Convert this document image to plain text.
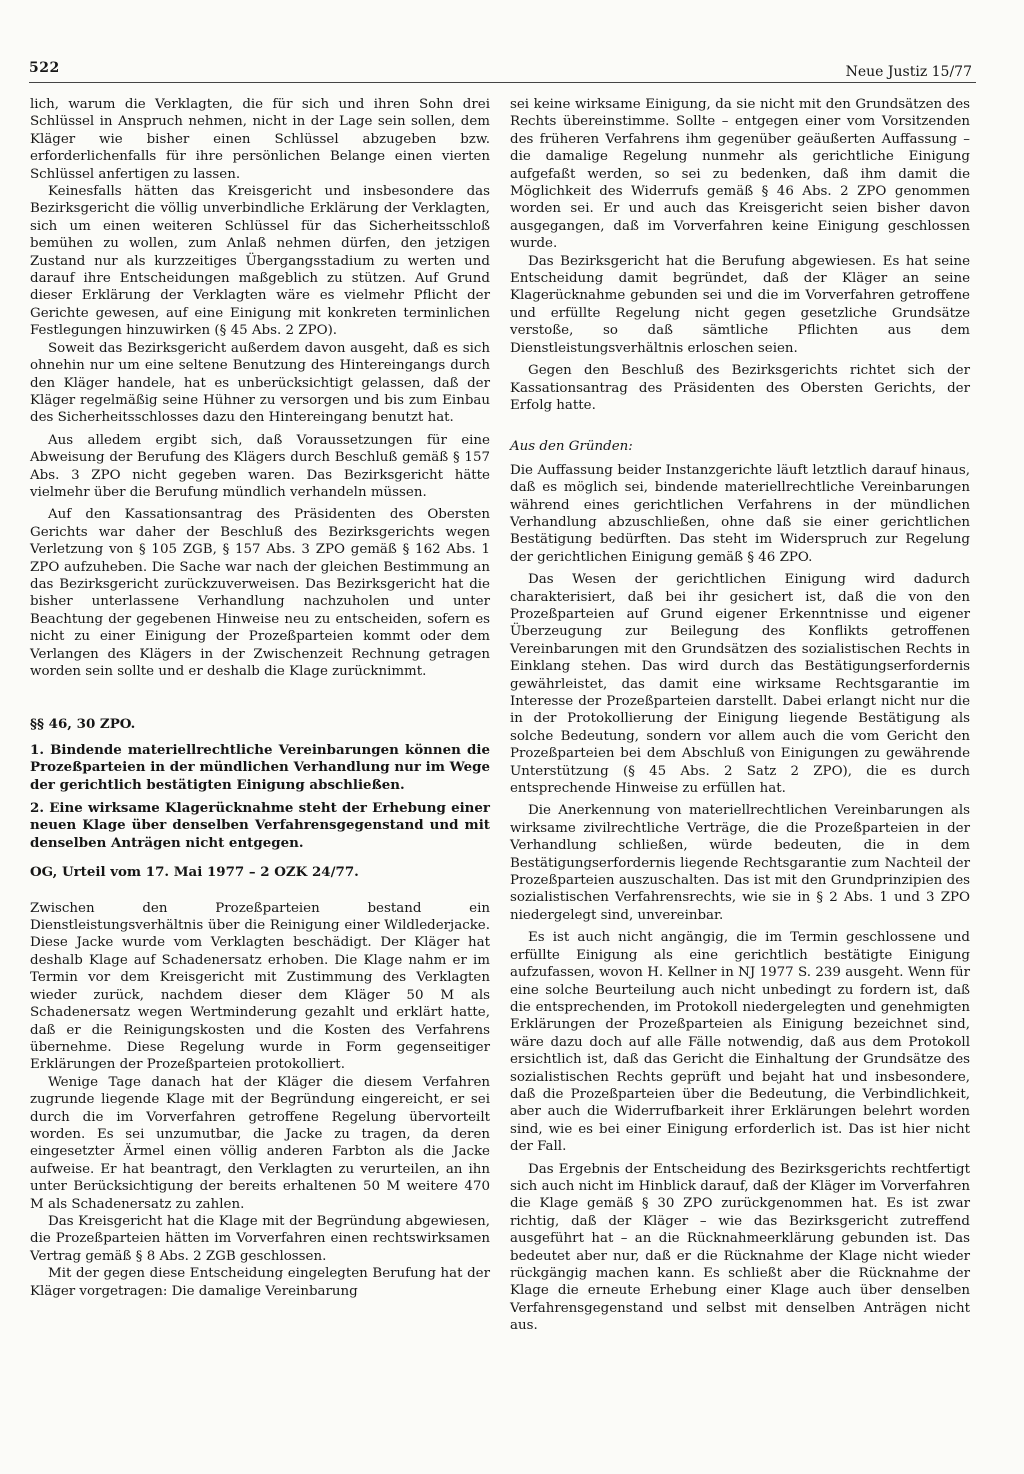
522	Neue Justiz 15/77

lich, warum die Verklagten, die für sich und ihren Sohn drei Schlüssel in Anspruch nehmen, nicht in der Lage sein sollen, dem Kläger wie bisher einen Schlüssel abzugeben bzw. erforderlichenfalls für ihre persönlichen Belange einen vierten Schlüssel anfertigen zu lassen.

Keinesfalls hätten das Kreisgericht und insbesondere das Bezirksgericht die völlig unverbindliche Erklärung der Verklagten, sich um einen weiteren Schlüssel für das Sicherheitsschloß bemühen zu wollen, zum Anlaß nehmen dürfen, den jetzigen Zustand nur als kurzzeitiges Übergangsstadium zu werten und darauf ihre Entscheidungen maßgeblich zu stützen. Auf Grund dieser Erklärung der Verklagten wäre es vielmehr Pflicht der Gerichte gewesen, auf eine Einigung mit konkreten terminlichen Festlegungen hinzuwirken (§ 45 Abs. 2 ZPO).

Soweit das Bezirksgericht außerdem davon ausgeht, daß es sich ohnehin nur um eine seltene Benutzung des Hintereingangs durch den Kläger handele, hat es unberücksichtigt gelassen, daß der Kläger regelmäßig seine Hühner zu versorgen und bis zum Einbau des Sicherheitsschlosses dazu den Hintereingang benutzt hat.

Aus alledem ergibt sich, daß Voraussetzungen für eine Abweisung der Berufung des Klägers durch Beschluß gemäß § 157 Abs. 3 ZPO nicht gegeben waren. Das Bezirksgericht hätte vielmehr über die Berufung mündlich verhandeln müssen.

Auf den Kassationsantrag des Präsidenten des Obersten Gerichts war daher der Beschluß des Bezirksgerichts wegen Verletzung von § 105 ZGB, § 157 Abs. 3 ZPO gemäß § 162 Abs. 1 ZPO aufzuheben. Die Sache war nach der gleichen Bestimmung an das Bezirksgericht zurückzuverweisen. Das Bezirksgericht hat die bisher unterlassene Verhandlung nachzuholen und unter Beachtung der gegebenen Hinweise neu zu entscheiden, sofern es nicht zu einer Einigung der Prozeßparteien kommt oder dem Verlangen des Klägers in der Zwischenzeit Rechnung getragen worden sein sollte und er deshalb die Klage zurücknimmt.

§§ 46, 30 ZPO.

1. Bindende materiellrechtliche Vereinbarungen können die Prozeßparteien in der mündlichen Verhandlung nur im Wege der gerichtlich bestätigten Einigung abschließen.

2. Eine wirksame Klagerücknahme steht der Erhebung einer neuen Klage über denselben Verfahrensgegenstand und mit denselben Anträgen nicht entgegen.

OG, Urteil vom 17. Mai 1977 – 2 OZK 24/77.

Zwischen den Prozeßparteien bestand ein Dienstleistungsverhältnis über die Reinigung einer Wildlederjacke. Diese Jacke wurde vom Verklagten beschädigt. Der Kläger hat deshalb Klage auf Schadenersatz erhoben. Die Klage nahm er im Termin vor dem Kreisgericht mit Zustimmung des Verklagten wieder zurück, nachdem dieser dem Kläger 50 M als Schadenersatz wegen Wertminderung gezahlt und erklärt hatte, daß er die Reinigungskosten und die Kosten des Verfahrens übernehme. Diese Regelung wurde in Form gegenseitiger Erklärungen der Prozeßparteien protokolliert.

Wenige Tage danach hat der Kläger die diesem Verfahren zugrunde liegende Klage mit der Begründung eingereicht, er sei durch die im Vorverfahren getroffene Regelung übervorteilt worden. Es sei unzumutbar, die Jacke zu tragen, da deren eingesetzter Ärmel einen völlig anderen Farbton als die Jacke aufweise. Er hat beantragt, den Verklagten zu verurteilen, an ihn unter Berücksichtigung der bereits erhaltenen 50 M weitere 470 M als Schadenersatz zu zahlen.

Das Kreisgericht hat die Klage mit der Begründung abgewiesen, die Prozeßparteien hätten im Vorverfahren einen rechtswirksamen Vertrag gemäß § 8 Abs. 2 ZGB geschlossen.

Mit der gegen diese Entscheidung eingelegten Berufung hat der Kläger vorgetragen: Die damalige Vereinbarung

sei keine wirksame Einigung, da sie nicht mit den Grundsätzen des Rechts übereinstimme. Sollte – entgegen einer vom Vorsitzenden des früheren Verfahrens ihm gegenüber geäußerten Auffassung – die damalige Regelung nunmehr als gerichtliche Einigung aufgefaßt werden, so sei zu bedenken, daß ihm damit die Möglichkeit des Widerrufs gemäß § 46 Abs. 2 ZPO genommen worden sei. Er und auch das Kreisgericht seien bisher davon ausgegangen, daß im Vorverfahren keine Einigung geschlossen wurde.

Das Bezirksgericht hat die Berufung abgewiesen. Es hat seine Entscheidung damit begründet, daß der Kläger an seine Klagerücknahme gebunden sei und die im Vorverfahren getroffene und erfüllte Regelung nicht gegen gesetzliche Grundsätze verstoße, so daß sämtliche Pflichten aus dem Dienstleistungsverhältnis erloschen seien.

Gegen den Beschluß des Bezirksgerichts richtet sich der Kassationsantrag des Präsidenten des Obersten Gerichts, der Erfolg hatte.

Aus den Gründen:

Die Auffassung beider Instanzgerichte läuft letztlich darauf hinaus, daß es möglich sei, bindende materiellrechtliche Vereinbarungen während eines gerichtlichen Verfahrens in der mündlichen Verhandlung abzuschließen, ohne daß sie einer gerichtlichen Bestätigung bedürften. Das steht im Widerspruch zur Regelung der gerichtlichen Einigung gemäß § 46 ZPO.

Das Wesen der gerichtlichen Einigung wird dadurch charakterisiert, daß bei ihr gesichert ist, daß die von den Prozeßparteien auf Grund eigener Erkenntnisse und eigener Überzeugung zur Beilegung des Konflikts getroffenen Vereinbarungen mit den Grundsätzen des sozialistischen Rechts in Einklang stehen. Das wird durch das Bestätigungserfordernis gewährleistet, das damit eine wirksame Rechtsgarantie im Interesse der Prozeßparteien darstellt. Dabei erlangt nicht nur die in der Protokollierung der Einigung liegende Bestätigung als solche Bedeutung, sondern vor allem auch die vom Gericht den Prozeßparteien bei dem Abschluß von Einigungen zu gewährende Unterstützung (§ 45 Abs. 2 Satz 2 ZPO), die es durch entsprechende Hinweise zu erfüllen hat.

Die Anerkennung von materiellrechtlichen Vereinbarungen als wirksame zivilrechtliche Verträge, die die Prozeßparteien in der Verhandlung schließen, würde bedeuten, die in dem Bestätigungserfordernis liegende Rechtsgarantie zum Nachteil der Prozeßparteien auszuschalten. Das ist mit den Grundprinzipien des sozialistischen Verfahrensrechts, wie sie in § 2 Abs. 1 und 3 ZPO niedergelegt sind, unvereinbar.

Es ist auch nicht angängig, die im Termin geschlossene und erfüllte Einigung als eine gerichtlich bestätigte Einigung aufzufassen, wovon H. Kellner in NJ 1977 S. 239 ausgeht. Wenn für eine solche Beurteilung auch nicht unbedingt zu fordern ist, daß die entsprechenden, im Protokoll niedergelegten und genehmigten Erklärungen der Prozeßparteien als Einigung bezeichnet sind, wäre dazu doch auf alle Fälle notwendig, daß aus dem Protokoll ersichtlich ist, daß das Gericht die Einhaltung der Grundsätze des sozialistischen Rechts geprüft und bejaht hat und insbesondere, daß die Prozeßparteien über die Bedeutung, die Verbindlichkeit, aber auch die Widerrufbarkeit ihrer Erklärungen belehrt worden sind, wie es bei einer Einigung erforderlich ist. Das ist hier nicht der Fall.

Das Ergebnis der Entscheidung des Bezirksgerichts rechtfertigt sich auch nicht im Hinblick darauf, daß der Kläger im Vorverfahren die Klage gemäß § 30 ZPO zurückgenommen hat. Es ist zwar richtig, daß der Kläger – wie das Bezirksgericht zutreffend ausgeführt hat – an die Rücknahmeerklärung gebunden ist. Das bedeutet aber nur, daß er die Rücknahme der Klage nicht wieder rückgängig machen kann. Es schließt aber die Rücknahme der Klage die erneute Erhebung einer Klage auch über denselben Verfahrensgegenstand und selbst mit denselben Anträgen nicht aus.
